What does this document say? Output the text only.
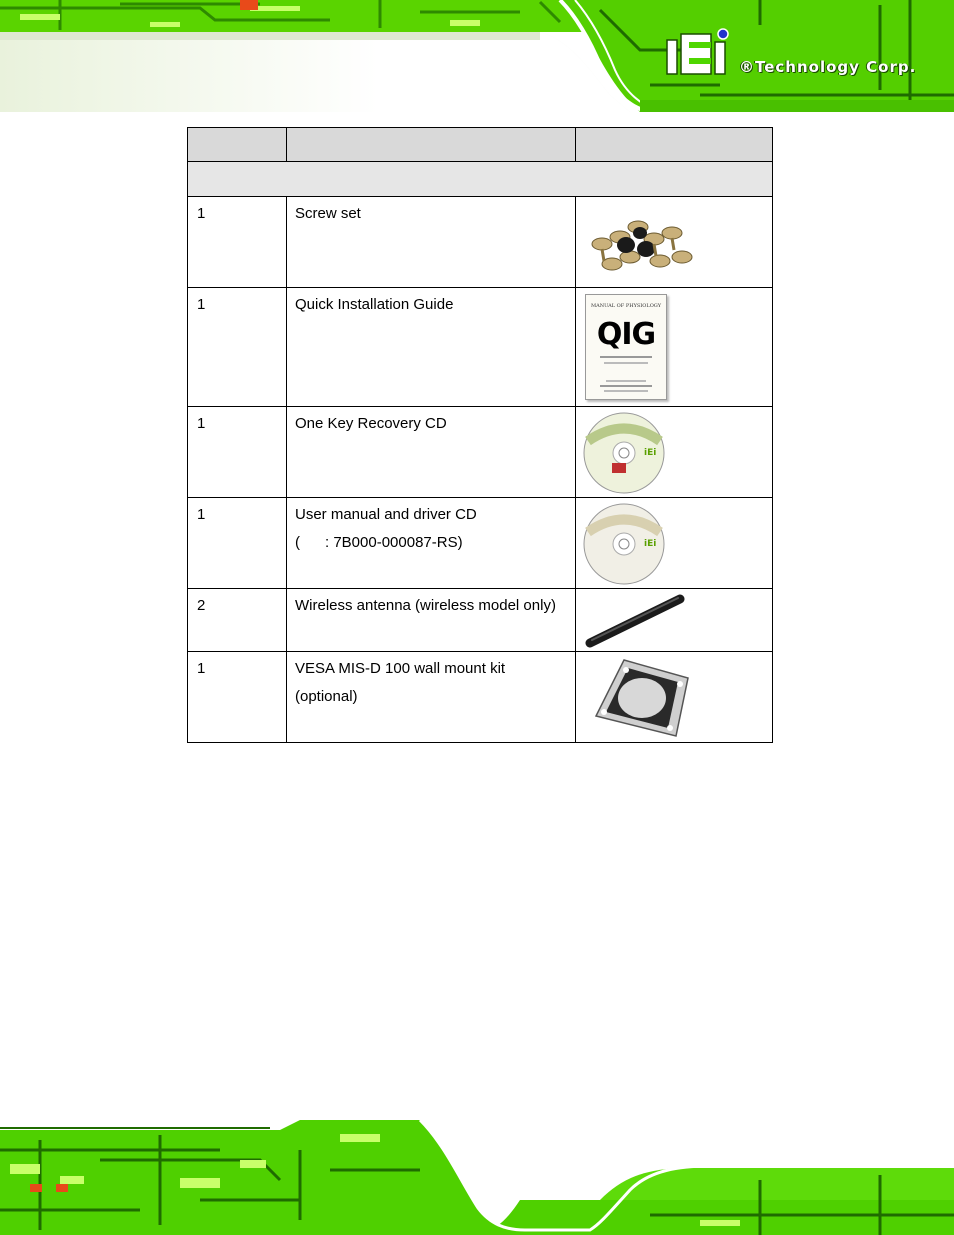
®Technology Corp.

1	Screw set

1	Quick Installation Guide	MANUAL OF PHYSIOLOGY
QIG

1	One Key Recovery CD	iEi

1	User manual and driver CD
(      : 7B000-000087-RS)	iEi

2	Wireless antenna (wireless model only)

1	VESA MIS-D 100 wall mount kit
(optional)
